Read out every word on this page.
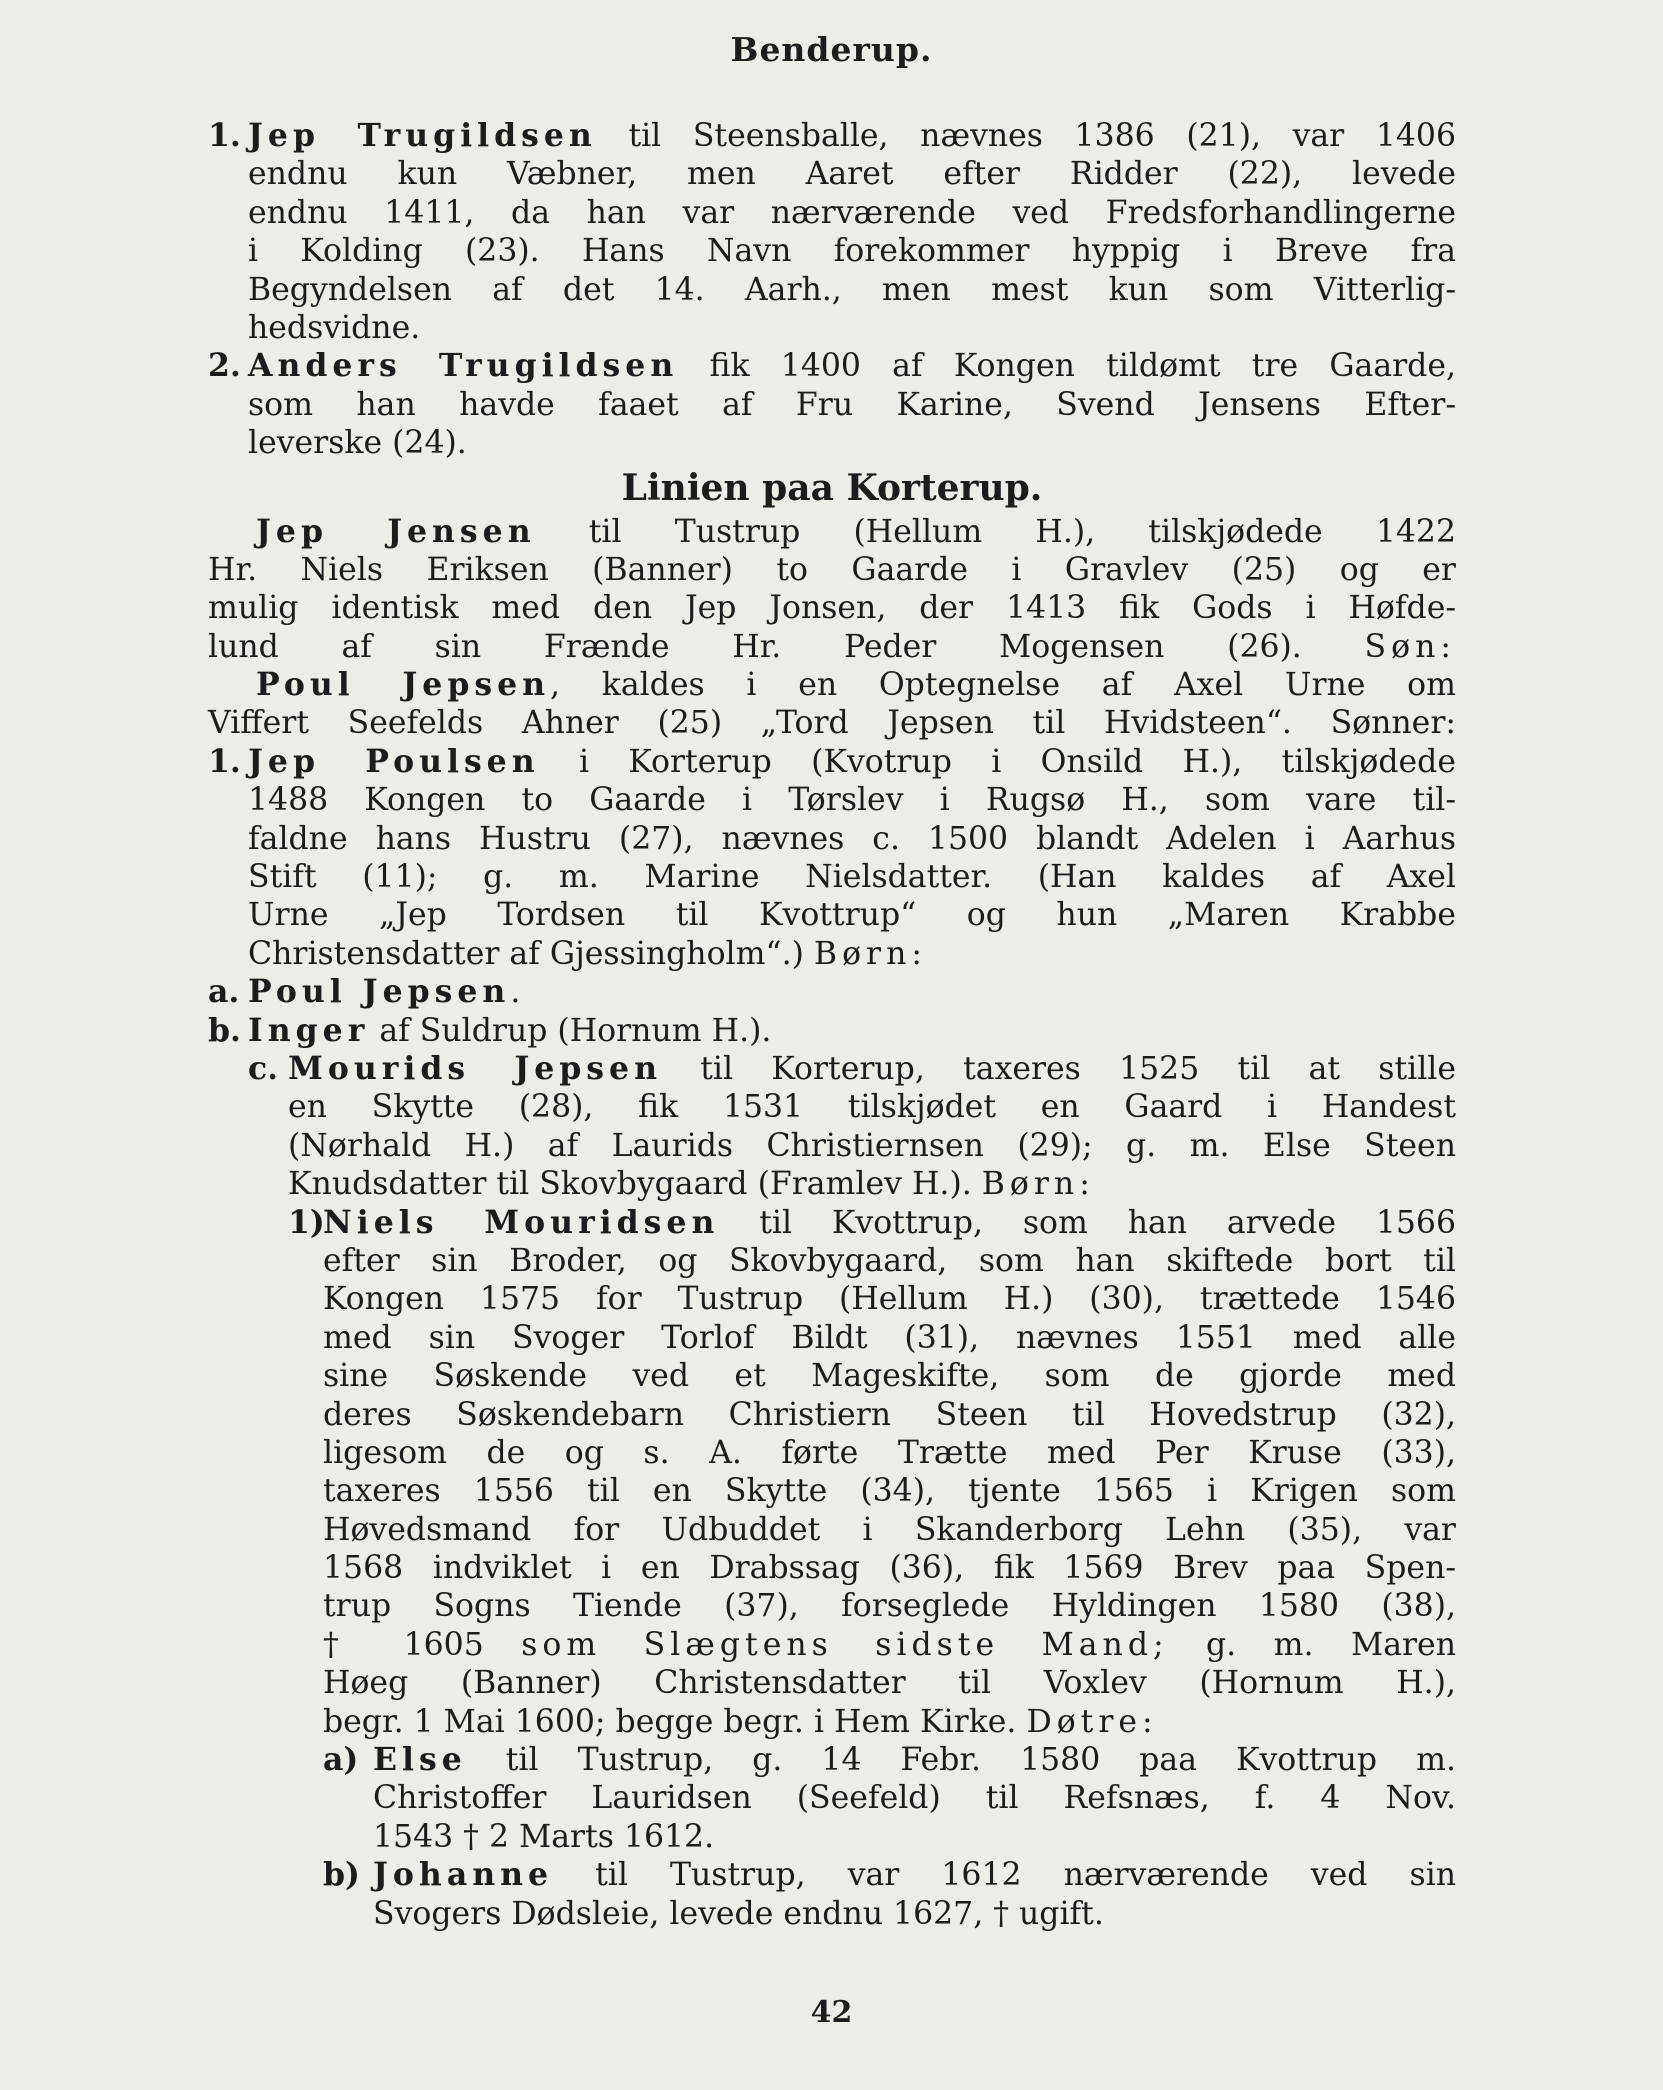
Benderup.
1. Jep Trugildsen til Steensballe, nævnes 1386 (21), var 1406
endnu kun Væbner, men Aaret efter Ridder (22), levede
endnu 1411, da han var nærværende ved Fredsforhandlingerne
i Kolding (23). Hans Navn forekommer hyppig i Breve fra
Begyndelsen af det 14. Aarh., men mest kun som Vitterlig-
hedsvidne.
2. Anders Trugildsen fik 1400 af Kongen tildømt tre Gaarde,
som han havde faaet af Fru Karine, Svend Jensens Efter-
leverske (24).
Linien paa Korterup.
Jep Jensen til Tustrup (Hellum H.), tilskjødede 1422
Hr. Niels Eriksen (Banner) to Gaarde i Gravlev (25) og er
mulig identisk med den Jep Jonsen, der 1413 fik Gods i Høfde-
lund af sin Frænde Hr. Peder Mogensen (26). Søn:
Poul Jepsen, kaldes i en Optegnelse af Axel Urne om
Viffert Seefelds Ahner (25) „Tord Jepsen til Hvidsteen“. Sønner:
1. Jep Poulsen i Korterup (Kvotrup i Onsild H.), tilskjødede
1488 Kongen to Gaarde i Tørslev i Rugsø H., som vare til-
faldne hans Hustru (27), nævnes c. 1500 blandt Adelen i Aarhus
Stift (11); g. m. Marine Nielsdatter. (Han kaldes af Axel
Urne „Jep Tordsen til Kvottrup“ og hun „Maren Krabbe
Christensdatter af Gjessingholm“.) Børn:
a. Poul Jepsen.
b. Inger af Suldrup (Hornum H.).
c. Mourids Jepsen til Korterup, taxeres 1525 til at stille
en Skytte (28), fik 1531 tilskjødet en Gaard i Handest
(Nørhald H.) af Laurids Christiernsen (29); g. m. Else Steen
Knudsdatter til Skovbygaard (Framlev H.). Børn:
1)
Niels Mouridsen til Kvottrup, som han arvede 1566
efter sin Broder, og Skovbygaard, som han skiftede bort til
Kongen 1575 for Tustrup (Hellum H.) (30), trættede 1546
med sin Svoger Torlof Bildt (31), nævnes 1551 med alle
sine Søskende ved et Mageskifte, som de gjorde med
deres Søskendebarn Christiern Steen til Hovedstrup (32),
ligesom de og s. A. førte Trætte med Per Kruse (33),
taxeres 1556 til en Skytte (34), tjente 1565 i Krigen som
Høvedsmand for Udbuddet i Skanderborg Lehn (35), var
1568 indviklet i en Drabssag (36), fik 1569 Brev paa Spen-
trup Sogns Tiende (37), forseglede Hyldingen 1580 (38),
† 1605 som Slægtens sidste Mand; g. m. Maren
Høeg (Banner) Christensdatter til Voxlev (Hornum H.),
begr. 1 Mai 1600; begge begr. i Hem Kirke. Døtre:
a) Else til Tustrup, g. 14 Febr. 1580 paa Kvottrup m.
Christoffer Lauridsen (Seefeld) til Refsnæs, f. 4 Nov.
1543 † 2 Marts 1612.
b) Johanne til Tustrup, var 1612 nærværende ved sin
Svogers Dødsleie, levede endnu 1627, † ugift.
42
